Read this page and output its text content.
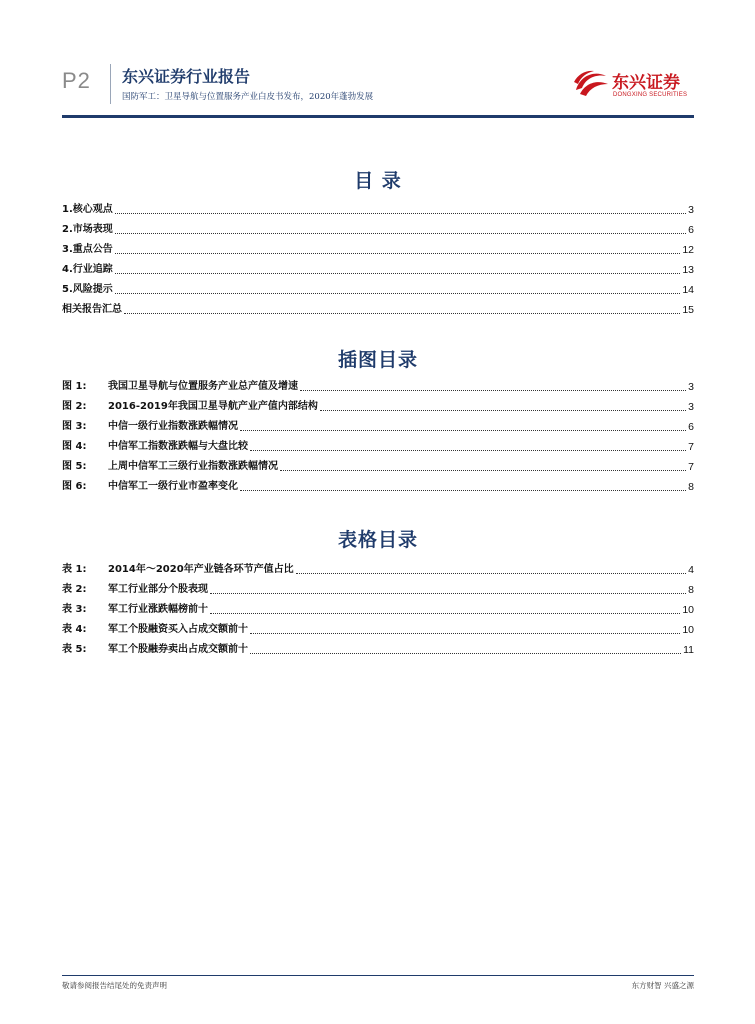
P2 东兴证券行业报告
国防军工：卫星导航与位置服务产业白皮书发布，2020年蓬勃发展
东兴证券
DONGXING SECURITIES
目 录
1.核心观点	3
2.市场表现	6
3.重点公告	12
4.行业追踪	13
5.风险提示	14
相关报告汇总	15
插图目录
图 1: 我国卫星导航与位置服务产业总产值及增速	3
图 2: 2016-2019年我国卫星导航产业产值内部结构	3
图 3: 中信一级行业指数涨跌幅情况	6
图 4: 中信军工指数涨跌幅与大盘比较	7
图 5: 上周中信军工三级行业指数涨跌幅情况	7
图 6: 中信军工一级行业市盈率变化	8
表格目录
表 1: 2014年～2020年产业链各环节产值占比	4
表 2: 军工行业部分个股表现	8
表 3: 军工行业涨跌幅榜前十	10
表 4: 军工个股融资买入占成交额前十	10
表 5: 军工个股融券卖出占成交额前十	11
敬请参阅报告结尾处的免责声明	东方财智 兴盛之源
